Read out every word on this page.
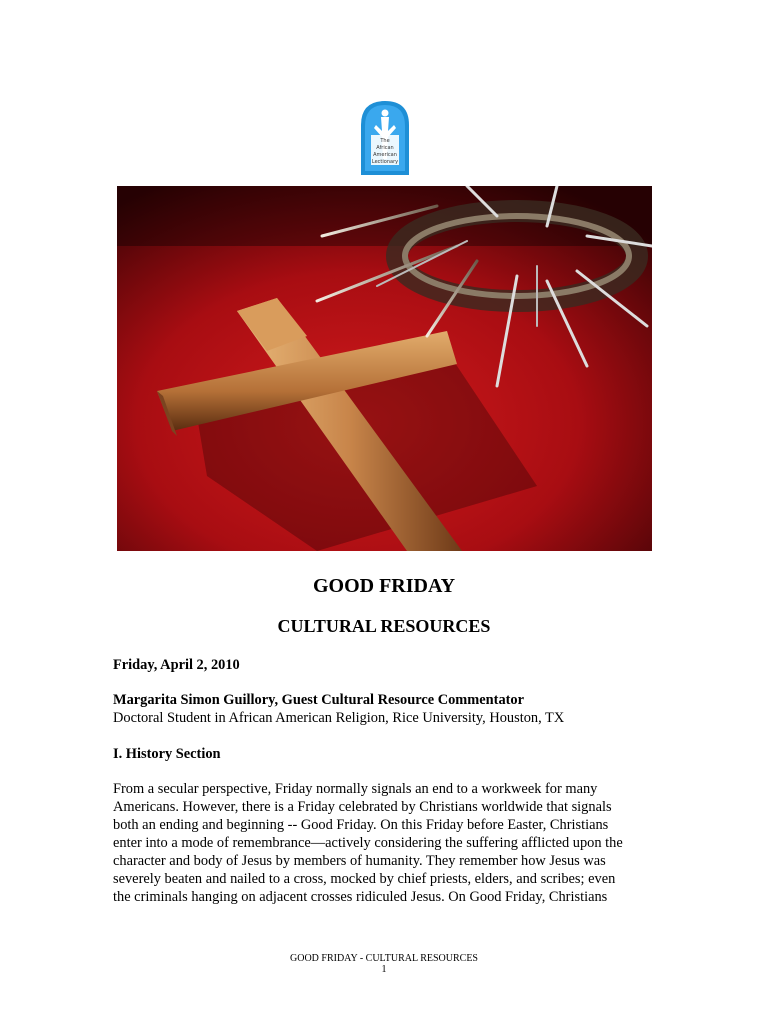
The
African
American
Lectionary
GOOD FRIDAY
CULTURAL RESOURCES
Friday, April 2, 2010
Margarita Simon Guillory, Guest Cultural Resource Commentator
Doctoral Student in African American Religion, Rice University, Houston, TX
I. History Section
From a secular perspective, Friday normally signals an end to a workweek for many
Americans. However, there is a Friday celebrated by Christians worldwide that signals
both an ending and beginning -- Good Friday. On this Friday before Easter, Christians
enter into a mode of remembrance—actively considering the suffering afflicted upon the
character and body of Jesus by members of humanity. They remember how Jesus was
severely beaten and nailed to a cross, mocked by chief priests, elders, and scribes; even
the criminals hanging on adjacent crosses ridiculed Jesus. On Good Friday, Christians
GOOD FRIDAY - CULTURAL RESOURCES
1
